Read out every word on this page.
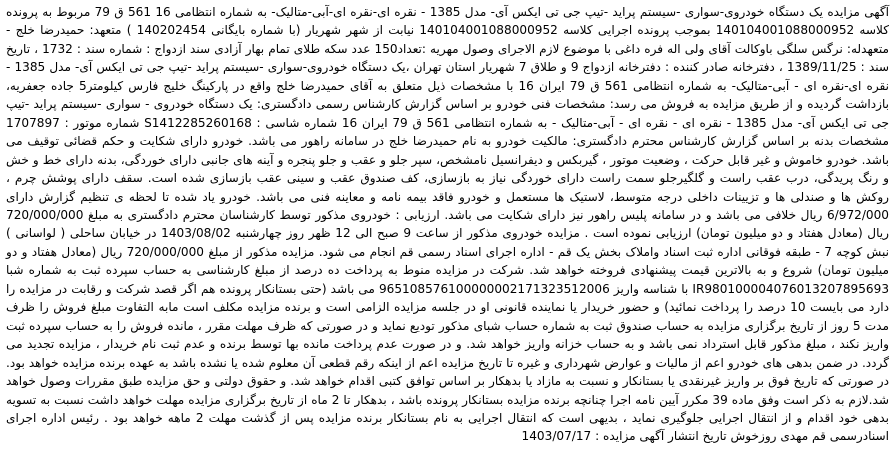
آگهی مزایده یک دستگاه خودروی-سواری -سیستم پراید -تیپ جی تی ایکس آی- مدل 1385 - نقره ای-نقره ای-آبی-متالیک- به شماره انتظامی 16 561 ق 79 مربوط به پرونده کلاسه 140104001088000952 بموجب پرونده اجرایی کلاسه 140104001088000952 نیابت از شهر شهریار (با شماره بایگانی 140202454 ) متعهد: حمیدرضا خلج - متعهدله: نرگس سلگی باوکالت آقای ولی اله فره داغی با موضوع لازم الاجرای وصول مهریه :تعداد150 عدد سکه طلای تمام بهار آزادی سند ازدواج : شماره سند : 1732 ، تاریخ سند : 1389/11/25 ، دفترخانه صادر کننده : دفترخانه ازدواج 9 و طلاق 7 شهریار استان تهران ،یک دستگاه خودروی-سواری -سیستم پراید -تیپ جی تی ایکس آی- مدل 1385 - نقره ای-نقره ای - آبی-متالیک- به شماره انتظامی 561 ق 79 ایران 16 با مشخصات ذیل متعلق به آقای حمیدرضا خلج واقع در پارکینگ خلیج فارس کیلومتر5 جاده جعفریه، بازداشت گردیده و از طریق مزایده به فروش می رسد: مشخصات فنی خودرو بر اساس گزارش کارشناس رسمی دادگستری: یک دستگاه خودروی - سواری -سیستم پراید -تیپ جی تی ایکس آی- مدل 1385 - نقره ای - نقره ای - آبی-متالیک - به شماره انتظامی 561 ق 79 ایران 16 شماره شاسی : S1412285260168 شماره موتور : 1707897 مشخصات بدنه بر اساس گزارش کارشناس محترم دادگستری: مالکیت خودرو به نام حمیدرضا خلج در سامانه راهور می باشد. خودرو دارای شکایت و حکم قضائی توقیف می باشد. خودرو خاموش و غیر قابل حرکت ، وضعیت موتور ، گیربکس و دیفرانسیل نامشخص، سپر جلو و عقب و جلو پنجره و آینه های جانبی دارای خوردگی، بدنه دارای خط و خش و رنگ پریدگی، درب عقب راست و گلگیرجلو سمت راست دارای خوردگی نیاز به بازسازی، کف صندوق عقب و سینی عقب بازسازی شده است. سقف دارای پوشش چرم ، روکش ها و صندلی ها و تزیینات داخلی درجه متوسط، لاستیک ها مستعمل و خودرو فاقد بیمه نامه و معاینه فنی می باشد. خودرو یاد شده تا لحظه ی تنظیم گزارش دارای 6/972/000 ریال خلافی می باشد و در سامانه پلیس راهور نیز دارای شکایت می باشد. ارزیابی : خودروی مذکور توسط کارشناسان محترم دادگستری به مبلغ 720/000/000 ریال (معادل هفتاد و دو میلیون تومان) ارزیابی نموده است . مزایده خودروی مذکور از ساعت 9 صبح الی 12 ظهر روز چهارشنبه 1403/08/02 در خیابان ساحلی ( لواسانی ) نبش کوچه 7 - طبقه فوقانی اداره ثبت اسناد واملاک بخش یک قم - اداره اجرای اسناد رسمی قم انجام می شود. مزایده مذکور از مبلغ 720/000/000 ریال (معادل هفتاد و دو میلیون تومان) شروع و به بالاترین قیمت پیشنهادی فروخته خواهد شد. شرکت در مزایده منوط به پرداخت ده درصد از مبلغ کارشناسی به حساب سپرده ثبت به شماره شبا IR980100004076013207895693 با شناسه واریز 965108576100000002171323512006 می باشد (حتی بستانکار پرونده هم اگر قصد شرکت و رقابت در مزایده را دارد می بایست 10 درصد را پرداخت نمائید) و حضور خریدار یا نماینده قانونی او در جلسه مزایده الزامی است و برنده مزایده مکلف است مابه التفاوت مبلغ فروش را ظرف مدت 5 روز از تاریخ برگزاری مزایده به حساب صندوق ثبت به شماره حساب شبای مذکور تودیع نماید و در صورتی که ظرف مهلت مقرر ، مانده فروش را به حساب سپرده ثبت واریز نکند ، مبلغ مذکور قابل استرداد نمی باشد و به حساب خزانه واریز خواهد شد. و در صورت عدم پرداخت مانده بها توسط برنده و عدم ثبت نام خریدار ، مزایده تجدید می گردد. در ضمن بدهی های خودرو اعم از مالیات و عوارض شهرداری و غیره تا تاریخ مزایده اعم از اینکه رقم قطعی آن معلوم شده یا نشده باشد به عهده برنده مزایده خواهد بود. در صورتی که تاریخ فوق بر واریز غیرنقدی یا بستانکار و نسبت به مازاد یا بدهکار بر اساس توافق کتبی اقدام خواهد شد. و حقوق دولتی و حق مزایده طبق مقررات وصول خواهد شد.لازم به ذکر است وفق ماده 39 مکرر آیین نامه اجرا چنانچه برنده مزایده بستانکار پرونده باشد ، بدهکار تا 2 ماه از تاریخ برگزاری مزایده مهلت خواهد داشت نسبت به تسویه بدهی خود اقدام و از انتقال اجرایی جلوگیری نماید ، بدیهی است که انتقال اجرایی به نام بستانکار برنده مزایده پس از گذشت مهلت 2 ماهه خواهد بود . رئیس اداره اجرای اسنادرسمی قم مهدی روزخوش تاریخ انتشار آگهی مزایده : 1403/07/17
